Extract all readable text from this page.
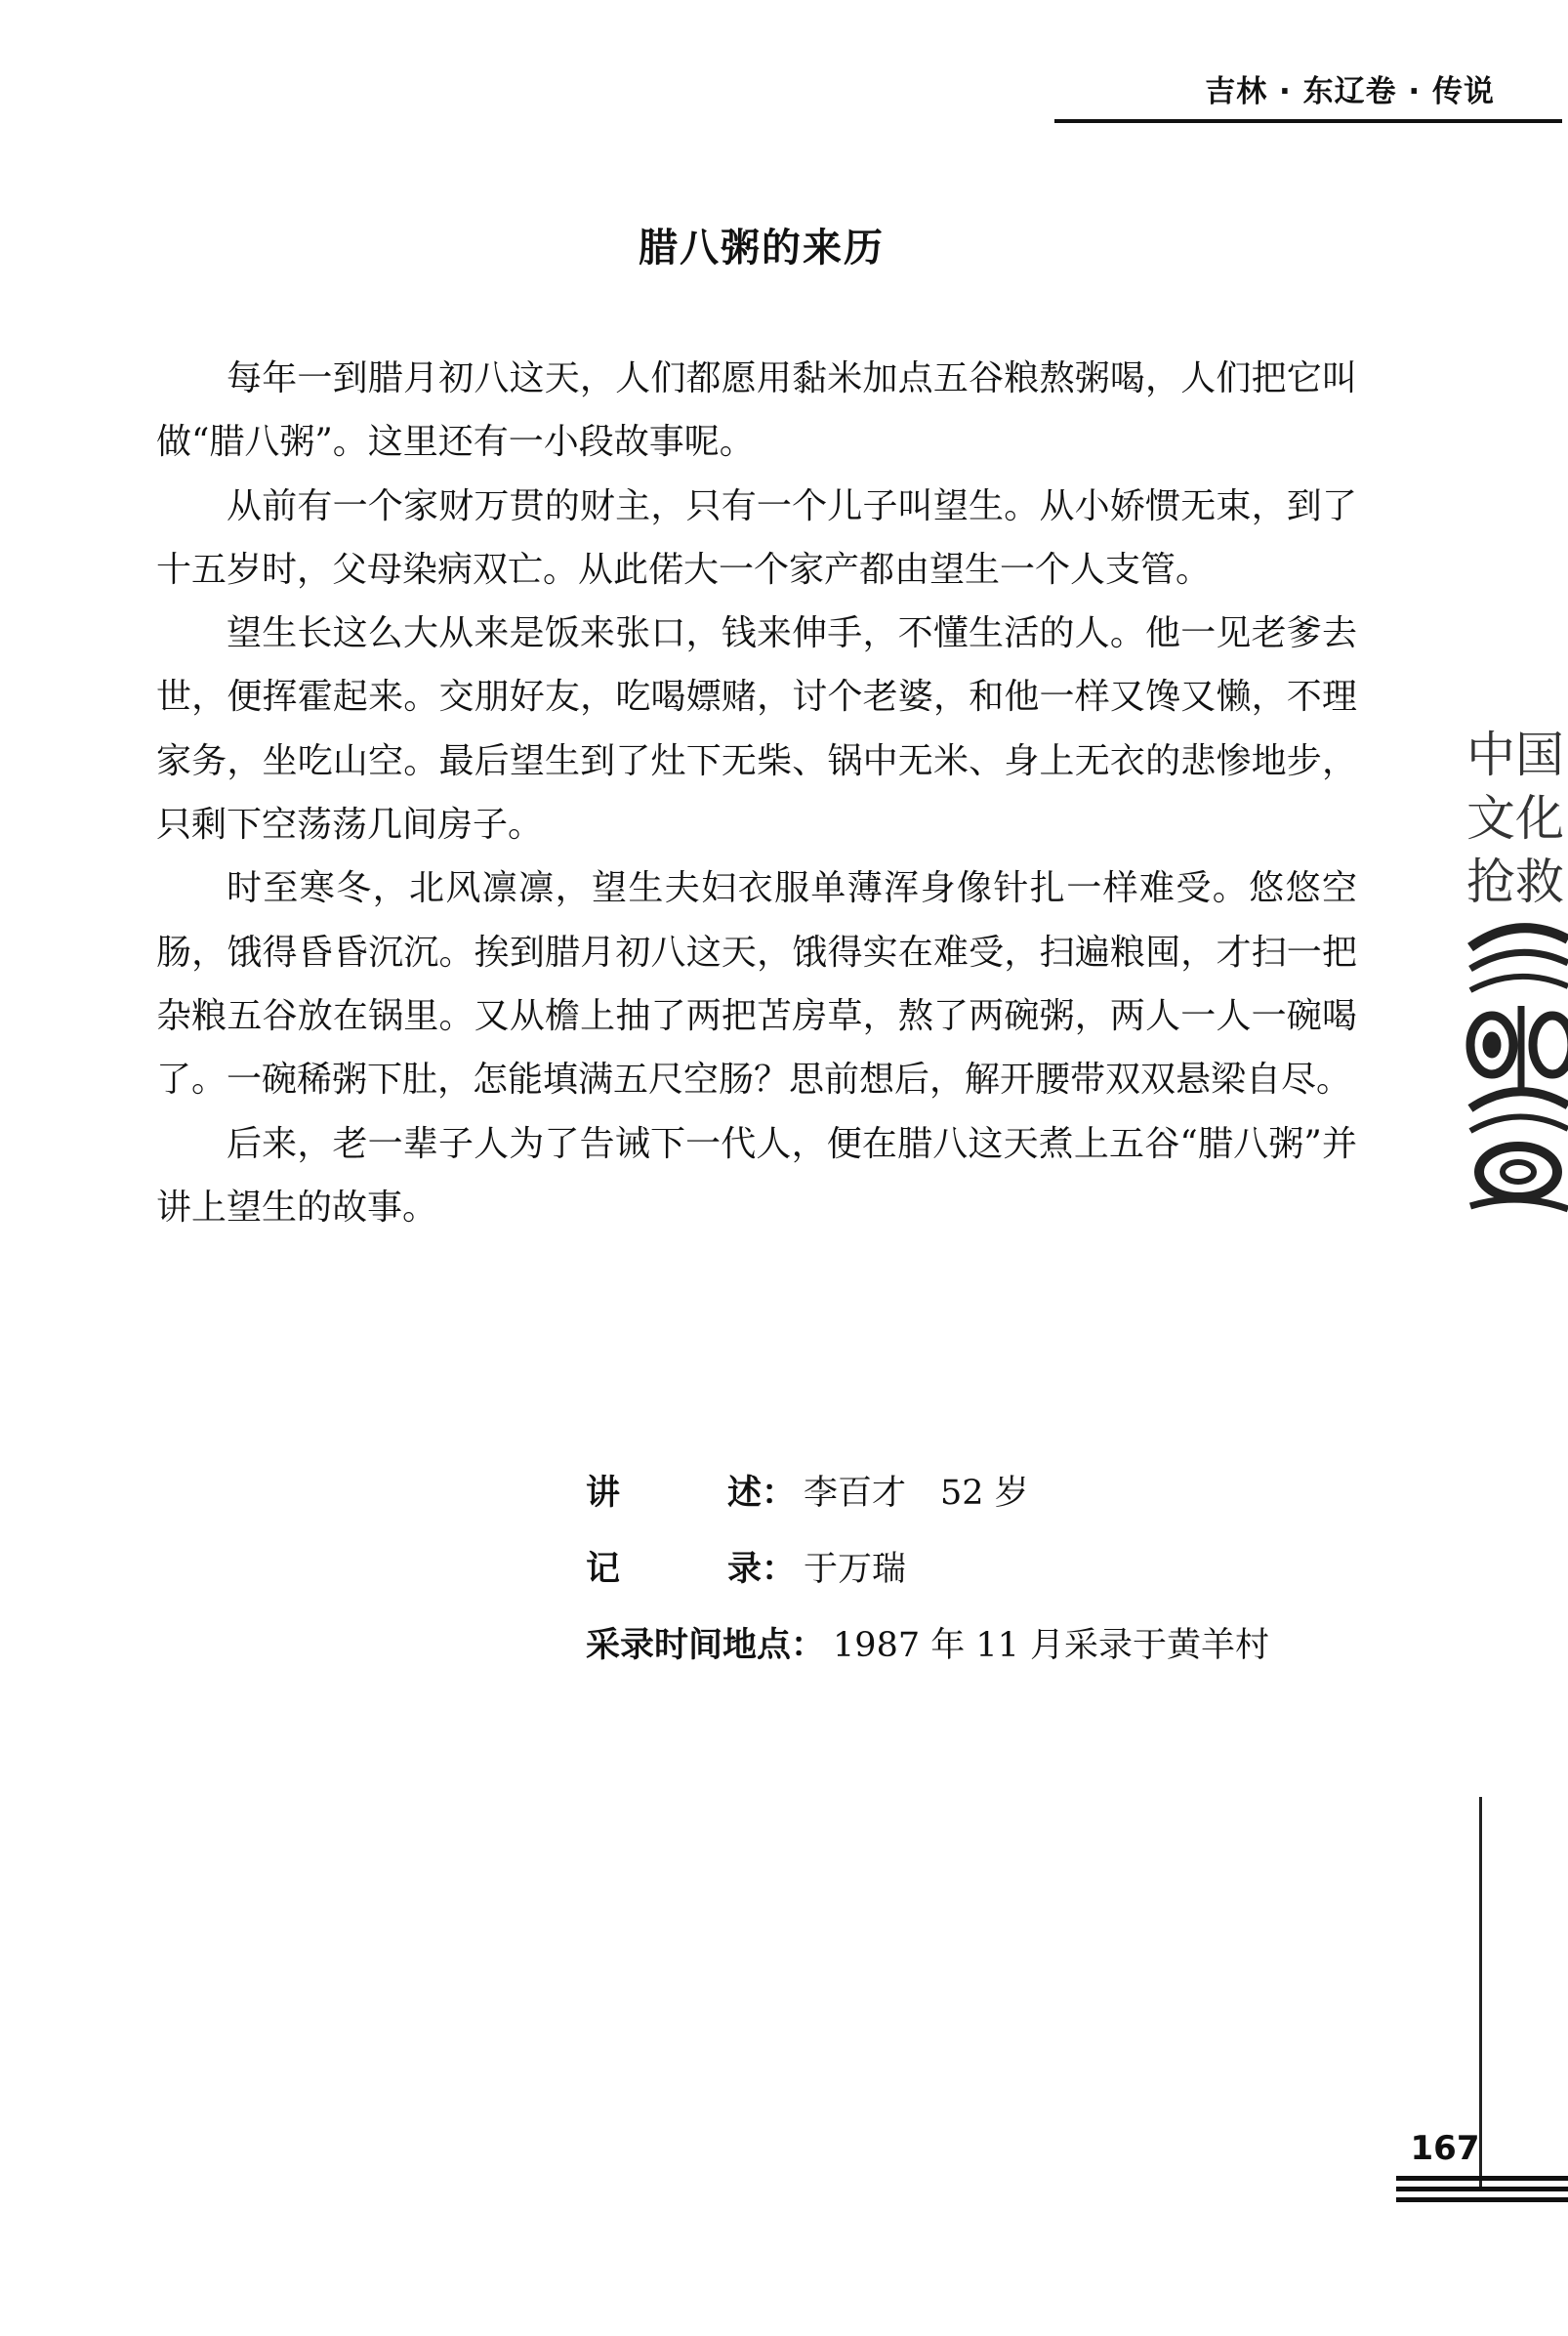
吉林 · 东辽卷 · 传说
腊八粥的来历

每年一到腊月初八这天，人们都愿用黏米加点五谷粮熬粥喝，人们把它叫做“腊八粥”。这里还有一小段故事呢。

从前有一个家财万贯的财主，只有一个儿子叫望生。从小娇惯无束，到了十五岁时，父母染病双亡。从此偌大一个家产都由望生一个人支管。

望生长这么大从来是饭来张口，钱来伸手，不懂生活的人。他一见老爹去世，便挥霍起来。交朋好友，吃喝嫖赌，讨个老婆，和他一样又馋又懒，不理家务，坐吃山空。最后望生到了灶下无柴、锅中无米、身上无衣的悲惨地步，只剩下空荡荡几间房子。

时至寒冬，北风凛凛，望生夫妇衣服单薄浑身像针扎一样难受。悠悠空肠，饿得昏昏沉沉。挨到腊月初八这天，饿得实在难受，扫遍粮囤，才扫一把杂粮五谷放在锅里。又从檐上抽了两把苫房草，熬了两碗粥，两人一人一碗喝了。一碗稀粥下肚，怎能填满五尺空肠？思前想后，解开腰带双双悬梁自尽。

后来，老一辈子人为了告诫下一代人，便在腊八这天煮上五谷“腊八粥”并讲上望生的故事。

讲述 ： 李百才　52 岁
记录 ： 于万瑞
采录时间地点 ： 1987 年 11 月采录于黄羊村
中 国
文 化
抢 救
167
